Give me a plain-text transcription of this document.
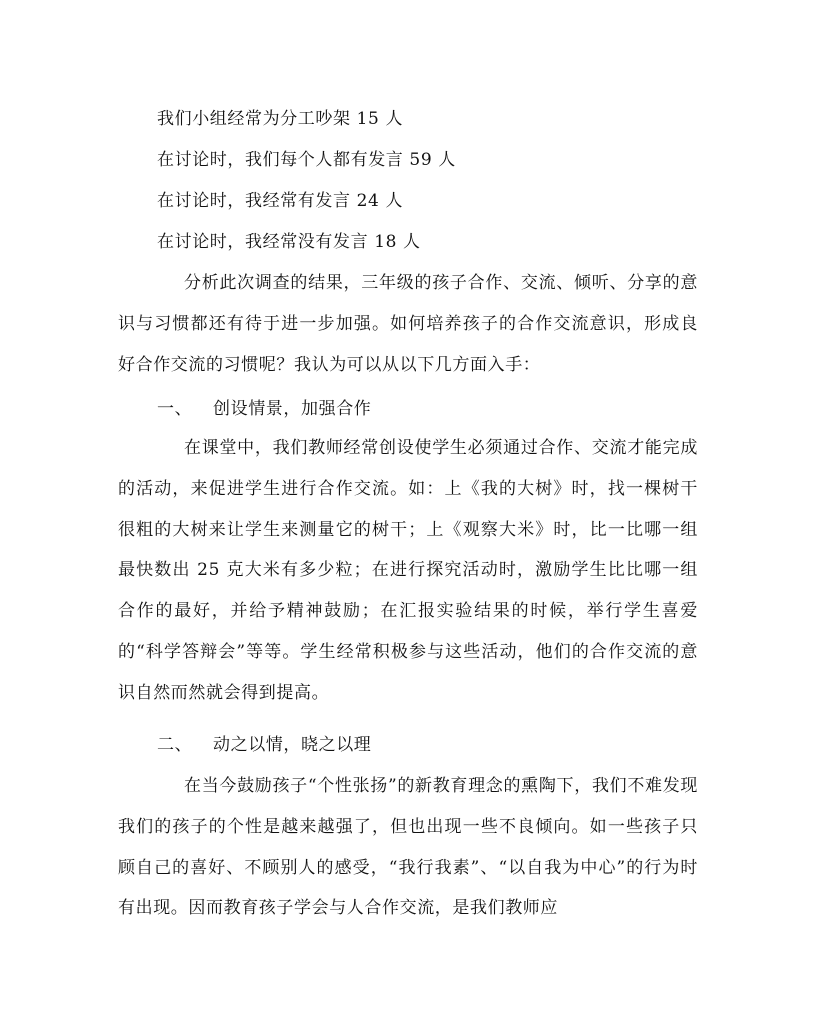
我们小组经常为分工吵架 15 人
在讨论时，我们每个人都有发言 59 人
在讨论时，我经常有发言 24 人
在讨论时，我经常没有发言 18 人
分析此次调查的结果，三年级的孩子合作、交流、倾听、分享的意识与习惯都还有待于进一步加强。如何培养孩子的合作交流意识，形成良好合作交流的习惯呢？我认为可以从以下几方面入手：
一、 创设情景，加强合作
在课堂中，我们教师经常创设使学生必须通过合作、交流才能完成的活动，来促进学生进行合作交流。如：上《我的大树》时，找一棵树干很粗的大树来让学生来测量它的树干；上《观察大米》时，比一比哪一组最快数出 25 克大米有多少粒；在进行探究活动时，激励学生比比哪一组合作的最好，并给予精神鼓励；在汇报实验结果的时候，举行学生喜爱的“科学答辩会”等等。学生经常积极参与这些活动，他们的合作交流的意识自然而然就会得到提高。
二、 动之以情，晓之以理
在当今鼓励孩子“个性张扬”的新教育理念的熏陶下，我们不难发现我们的孩子的个性是越来越强了，但也出现一些不良倾向。如一些孩子只顾自己的喜好、不顾别人的感受，“我行我素”、“以自我为中心”的行为时有出现。因而教育孩子学会与人合作交流，是我们教师应
